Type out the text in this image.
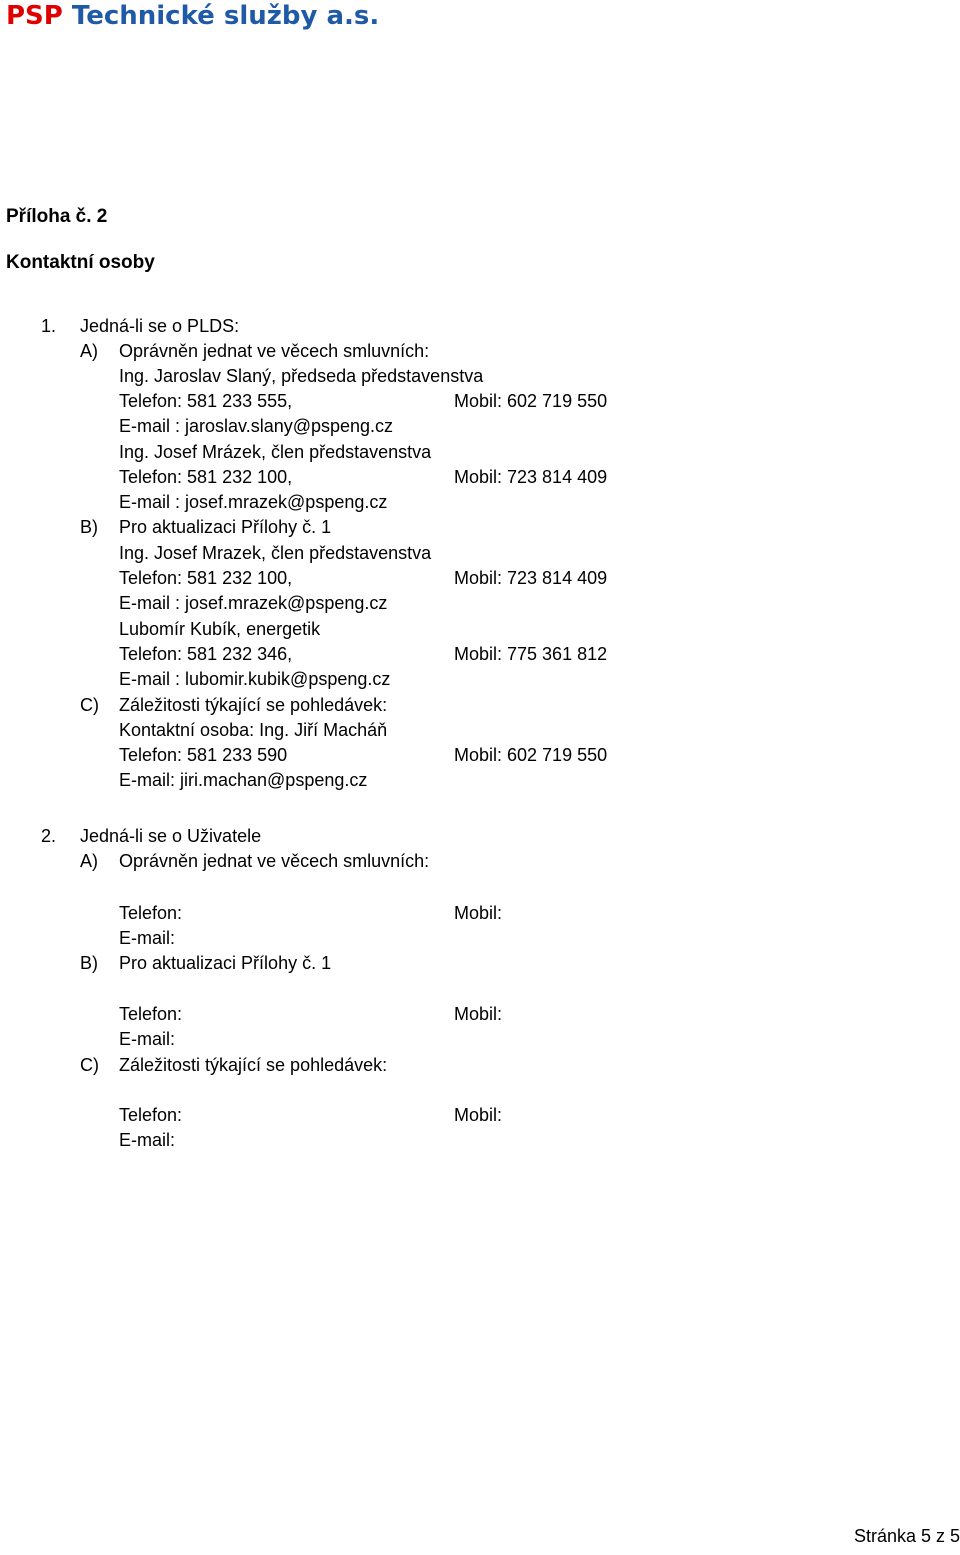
PSP Technické služby a.s.
Příloha č. 2
Kontaktní osoby
1. Jedná-li se o PLDS:
A) Oprávněn jednat ve věcech smluvních:
Ing. Jaroslav Slaný, předseda představenstva
Telefon: 581 233 555,	Mobil: 602 719 550
E-mail : jaroslav.slany@pspeng.cz
Ing. Josef Mrázek, člen představenstva
Telefon: 581 232 100,	Mobil: 723 814 409
E-mail : josef.mrazek@pspeng.cz
B) Pro aktualizaci Přílohy č. 1
Ing. Josef Mrazek, člen představenstva
Telefon: 581 232 100,	Mobil: 723 814 409
E-mail : josef.mrazek@pspeng.cz
Lubomír Kubík, energetik
Telefon: 581 232 346,	Mobil: 775 361 812
E-mail : lubomir.kubik@pspeng.cz
C) Záležitosti týkající se pohledávek:
Kontaktní osoba: Ing. Jiří Macháň
Telefon: 581 233 590	Mobil: 602 719 550
E-mail: jiri.machan@pspeng.cz
2. Jedná-li se o Uživatele
A) Oprávněn jednat ve věcech smluvních:
Telefon:	Mobil:
E-mail:
B) Pro aktualizaci Přílohy č. 1
Telefon:	Mobil:
E-mail:
C) Záležitosti týkající se pohledávek:
Telefon:	Mobil:
E-mail:
Stránka 5 z 5
